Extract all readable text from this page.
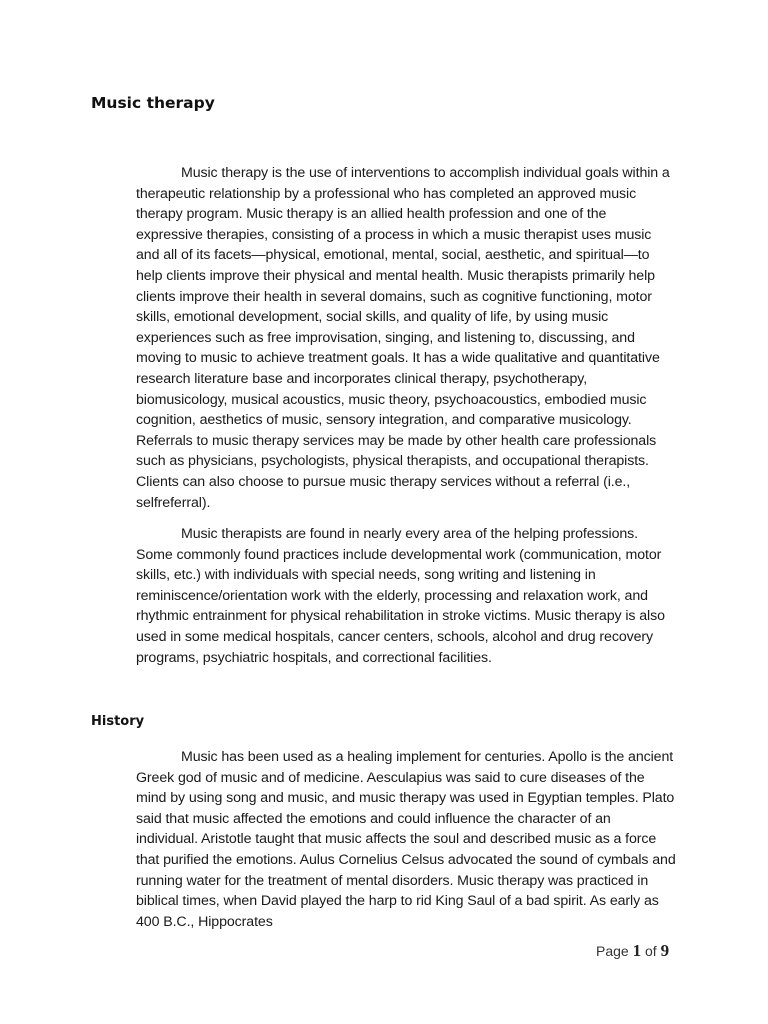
Music therapy

Music therapy is the use of interventions to accomplish individual goals within a therapeutic relationship by a professional who has completed an approved music therapy program. Music therapy is an allied health profession and one of the expressive therapies, consisting of a process in which a music therapist uses music and all of its facets—physical, emotional, mental, social, aesthetic, and spiritual—to help clients improve their physical and mental health. Music therapists primarily help clients improve their health in several domains, such as cognitive functioning, motor skills, emotional development, social skills, and quality of life, by using music experiences such as free improvisation, singing, and listening to, discussing, and moving to music to achieve treatment goals. It has a wide qualitative and quantitative research literature base and incorporates clinical therapy, psychotherapy, biomusicology, musical acoustics, music theory, psychoacoustics, embodied music cognition, aesthetics of music, sensory integration, and comparative musicology. Referrals to music therapy services may be made by other health care professionals such as physicians, psychologists, physical therapists, and occupational therapists. Clients can also choose to pursue music therapy services without a referral (i.e., selfreferral).

Music therapists are found in nearly every area of the helping professions. Some commonly found practices include developmental work (communication, motor skills, etc.) with individuals with special needs, song writing and listening in reminiscence/orientation work with the elderly, processing and relaxation work, and rhythmic entrainment for physical rehabilitation in stroke victims. Music therapy is also used in some medical hospitals, cancer centers, schools, alcohol and drug recovery programs, psychiatric hospitals, and correctional facilities.

History

Music has been used as a healing implement for centuries. Apollo is the ancient Greek god of music and of medicine. Aesculapius was said to cure diseases of the mind by using song and music, and music therapy was used in Egyptian temples. Plato said that music affected the emotions and could influence the character of an individual. Aristotle taught that music affects the soul and described music as a force that purified the emotions. Aulus Cornelius Celsus advocated the sound of cymbals and running water for the treatment of mental disorders. Music therapy was practiced in biblical times, when David played the harp to rid King Saul of a bad spirit. As early as 400 B.C., Hippocrates

Page 1 of 9
